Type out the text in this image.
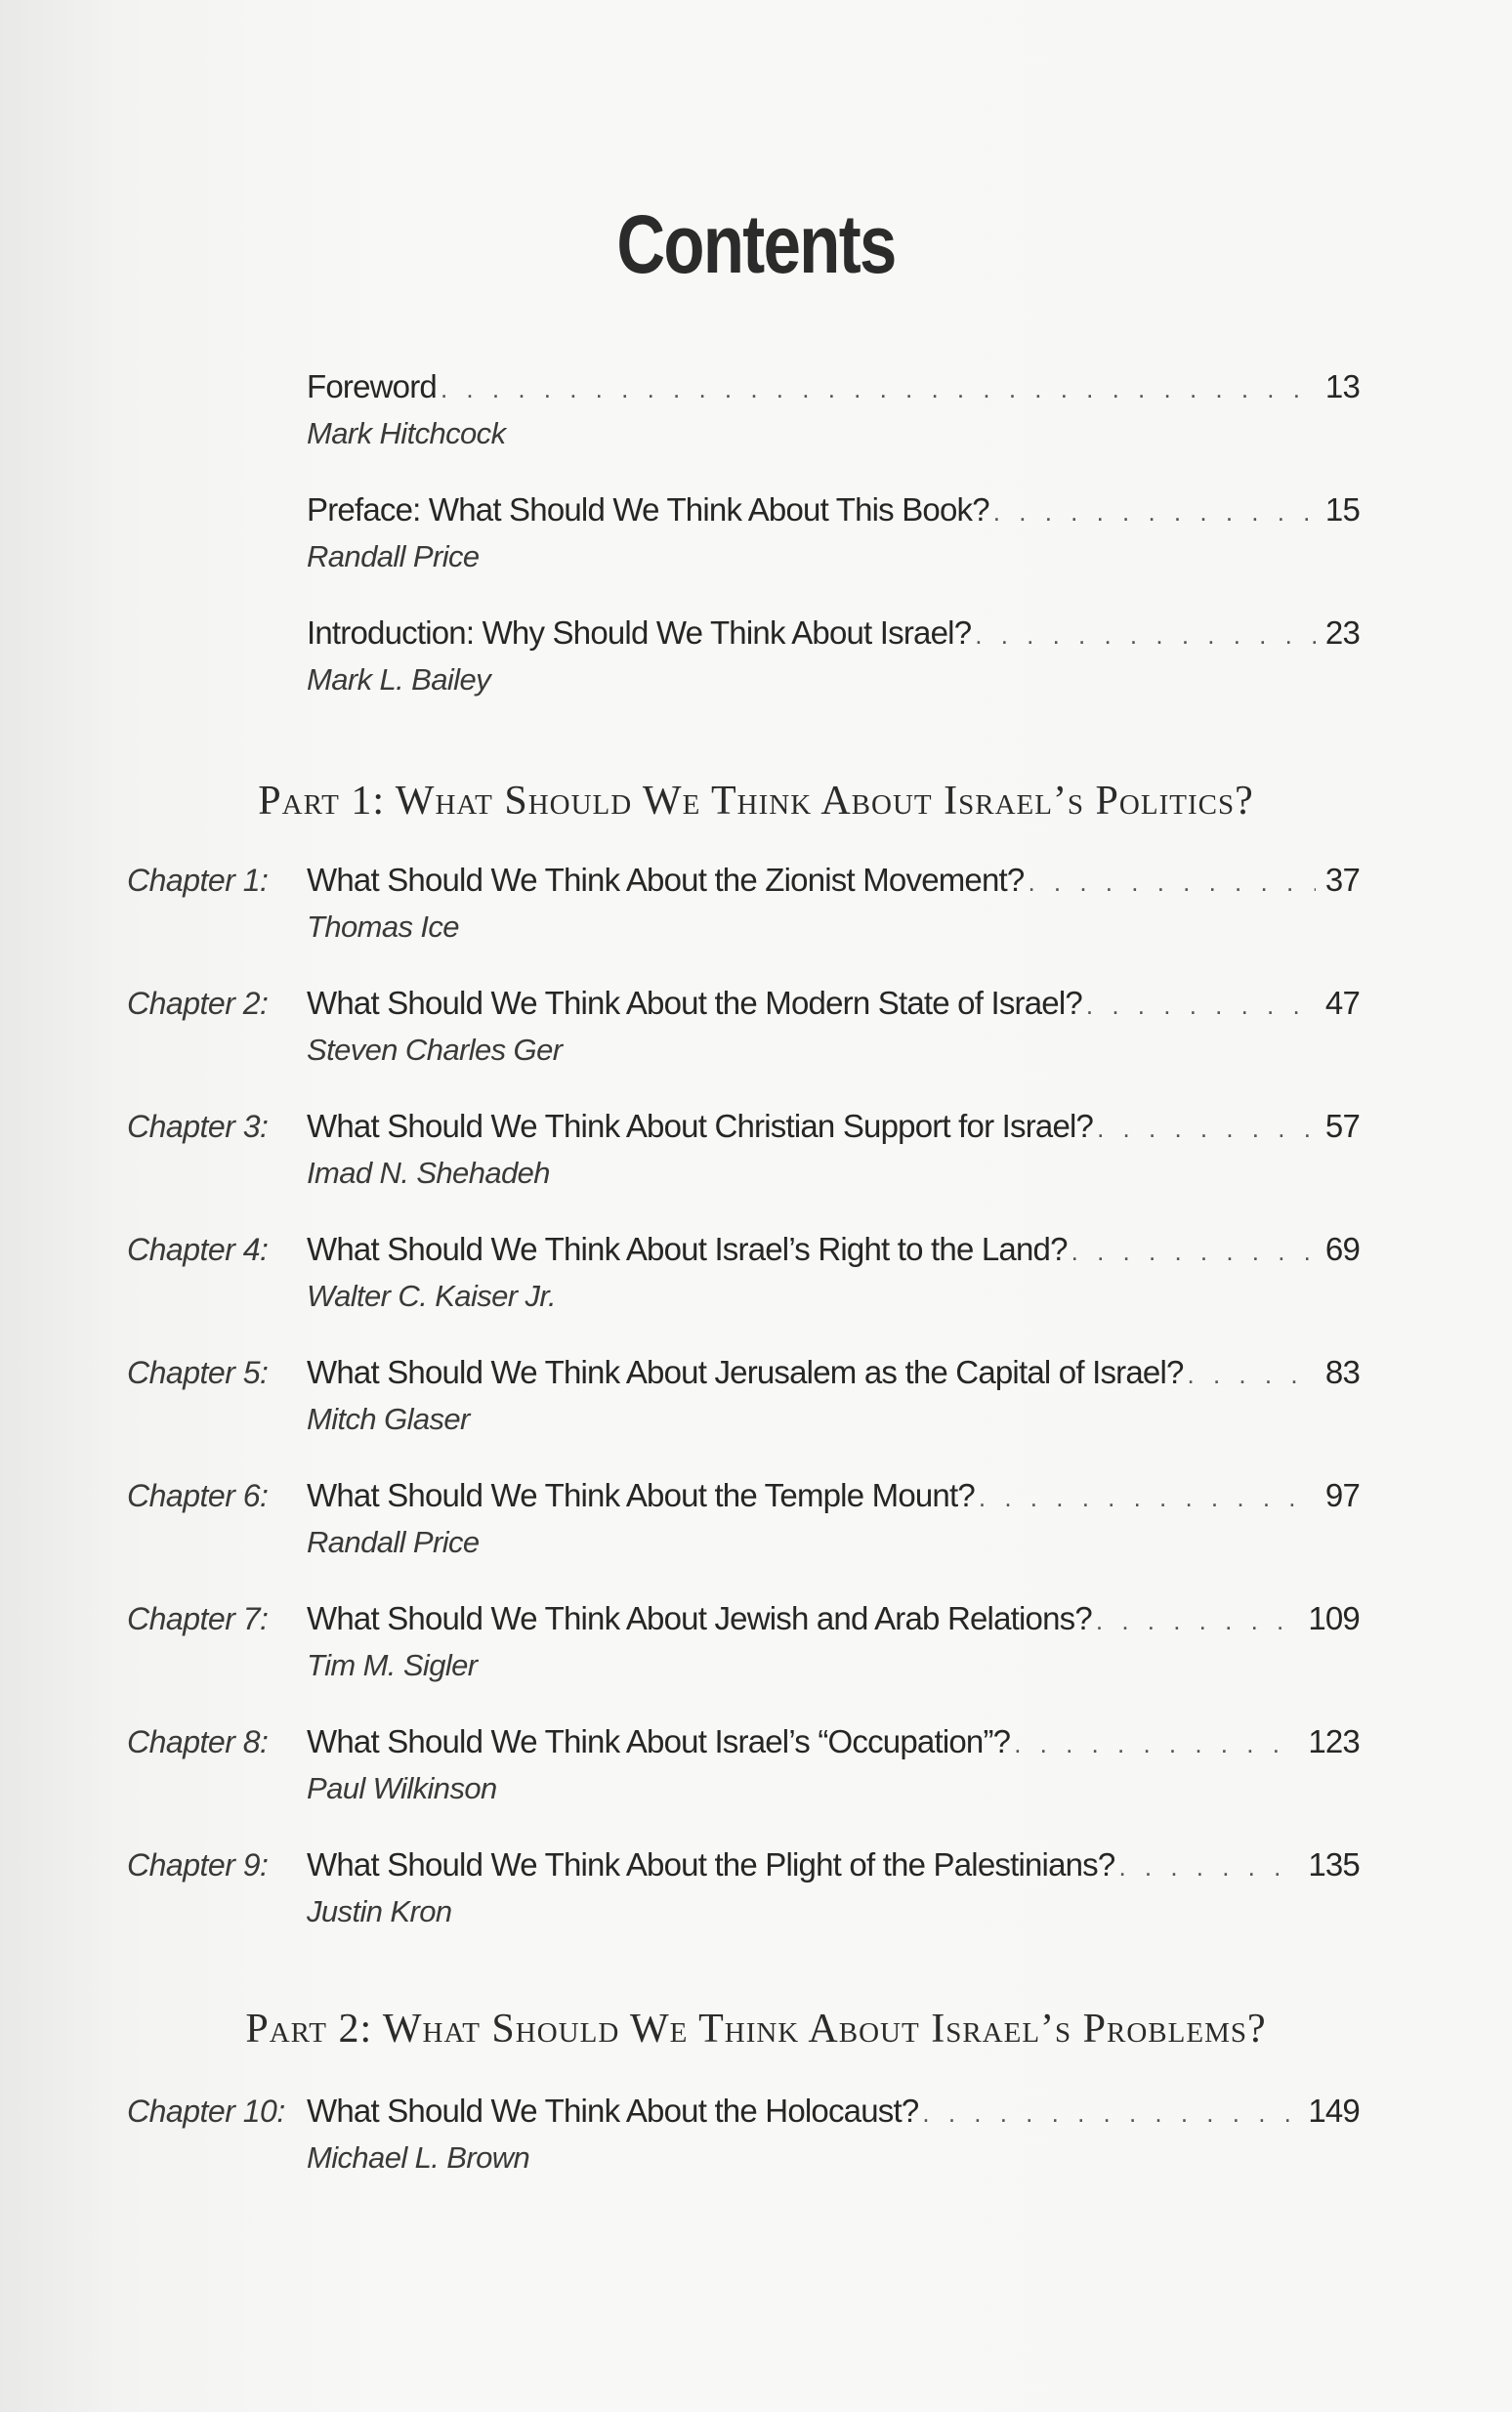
Contents
Foreword . . .	13
Mark Hitchcock
Preface: What Should We Think About This Book? . . .	15
Randall Price
Introduction: Why Should We Think About Israel? . . .	23
Mark L. Bailey
Part 1: What Should We Think About Israel’s Politics?
Chapter 1: What Should We Think About the Zionist Movement? . . .	37
Thomas Ice
Chapter 2: What Should We Think About the Modern State of Israel? . . .	47
Steven Charles Ger
Chapter 3: What Should We Think About Christian Support for Israel? . . .	57
Imad N. Shehadeh
Chapter 4: What Should We Think About Israel’s Right to the Land? . . .	69
Walter C. Kaiser Jr.
Chapter 5: What Should We Think About Jerusalem as the Capital of Israel? . . .	83
Mitch Glaser
Chapter 6: What Should We Think About the Temple Mount? . . .	97
Randall Price
Chapter 7: What Should We Think About Jewish and Arab Relations? . . .	109
Tim M. Sigler
Chapter 8: What Should We Think About Israel’s “Occupation”? . . .	123
Paul Wilkinson
Chapter 9: What Should We Think About the Plight of the Palestinians? . . .	135
Justin Kron
Part 2: What Should We Think About Israel’s Problems?
Chapter 10: What Should We Think About the Holocaust? . . .	149
Michael L. Brown
